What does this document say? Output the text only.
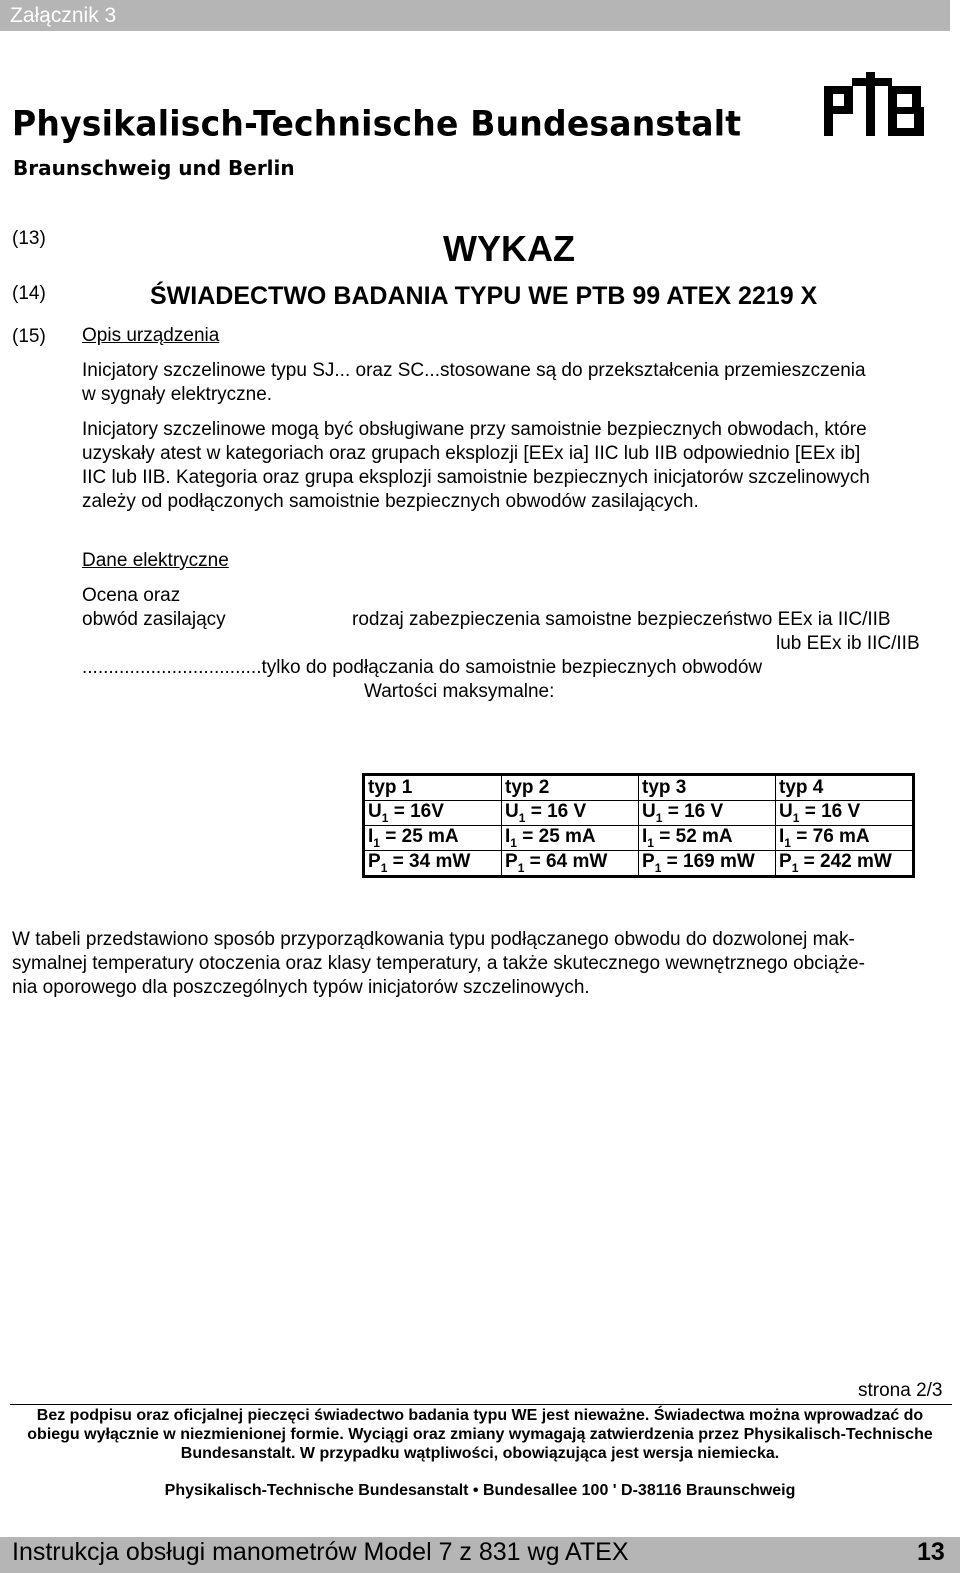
Załącznik 3
Physikalisch-Technische Bundesanstalt
Braunschweig und Berlin
(13)
(14)
(15)
WYKAZ
ŚWIADECTWO BADANIA TYPU WE PTB 99 ATEX 2219 X
Opis urządzenia
Inicjatory szczelinowe typu SJ... oraz SC...stosowane są do przekształcenia przemieszczenia
w sygnały elektryczne.
Inicjatory szczelinowe mogą być obsługiwane przy samoistnie bezpiecznych obwodach, które
uzyskały atest w kategoriach oraz grupach eksplozji [EEx ia] IIC lub IIB odpowiednio [EEx ib]
IIC lub IIB. Kategoria oraz grupa eksplozji samoistnie bezpiecznych inicjatorów szczelinowych
zależy od podłączonych samoistnie bezpiecznych obwodów zasilających.
Dane elektryczne
Ocena oraz
obwód zasilający	rodzaj zabezpieczenia samoistne bezpieczeństwo EEx ia IIC/IIB
lub EEx ib IIC/IIB
..................................tylko do podłączania do samoistnie bezpiecznych obwodów
Wartości maksymalne:
typ 1	typ 2	typ 3	typ 4
$U_1 = 16V$	$U_1 = 16$ V	$U_1 = 16$ V	$U_1 = 16$ V
$I_1 = 25$ mA	$I_1 = 25$ mA	$I_1 = 52$ mA	$I_1 = 76$ mA
$P_1 = 34$ mW	$P_1 = 64$ mW	$P_1 = 169$ mW	$P_1 = 242$ mW
W tabeli przedstawiono sposób przyporządkowania typu podłączanego obwodu do dozwolonej mak-
symalnej temperatury otoczenia oraz klasy temperatury, a także skutecznego wewnętrznego obciąże-
nia oporowego dla poszczególnych typów inicjatorów szczelinowych.
strona 2/3
Bez podpisu oraz oficjalnej pieczęci świadectwo badania typu WE jest nieważne. Świadectwa można wprowadzać do
obiegu wyłącznie w niezmienionej formie. Wyciągi oraz zmiany wymagają zatwierdzenia przez Physikalisch-Technische
Bundesanstalt. W przypadku wątpliwości, obowiązująca jest wersja niemiecka.
Physikalisch-Technische Bundesanstalt • Bundesallee 100 ' D-38116 Braunschweig
Instrukcja obsługi manometrów Model 7 z 831 wg ATEX	13
